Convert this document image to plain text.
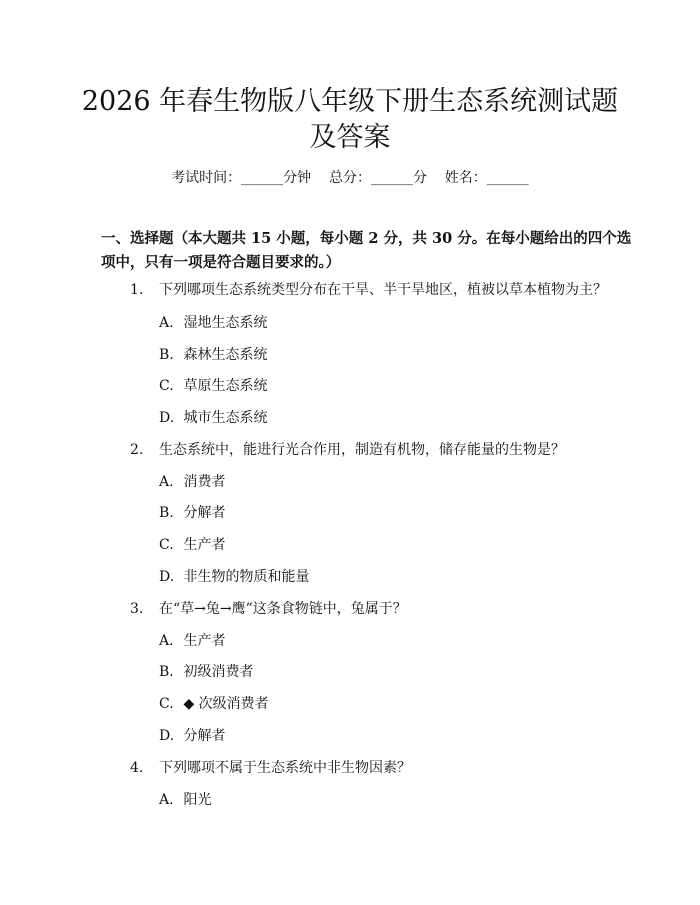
2026 年春生物版八年级下册生态系统测试题
及答案
考试时间：______分钟    总分：______分    姓名：______
一、选择题（本大题共 15 小题，每小题 2 分，共 30 分。在每小题给出的四个选
项中，只有一项是符合题目要求的。）
1. 下列哪项生态系统类型分布在干旱、半干旱地区，植被以草本植物为主？
A. 湿地生态系统
B. 森林生态系统
C. 草原生态系统
D. 城市生态系统
2. 生态系统中，能进行光合作用，制造有机物，储存能量的生物是？
A. 消费者
B. 分解者
C. 生产者
D. 非生物的物质和能量
3. 在“草→兔→鹰”这条食物链中，兔属于？
A. 生产者
B. 初级消费者
C. ◆ 次级消费者
D. 分解者
4. 下列哪项不属于生态系统中非生物因素？
A. 阳光
